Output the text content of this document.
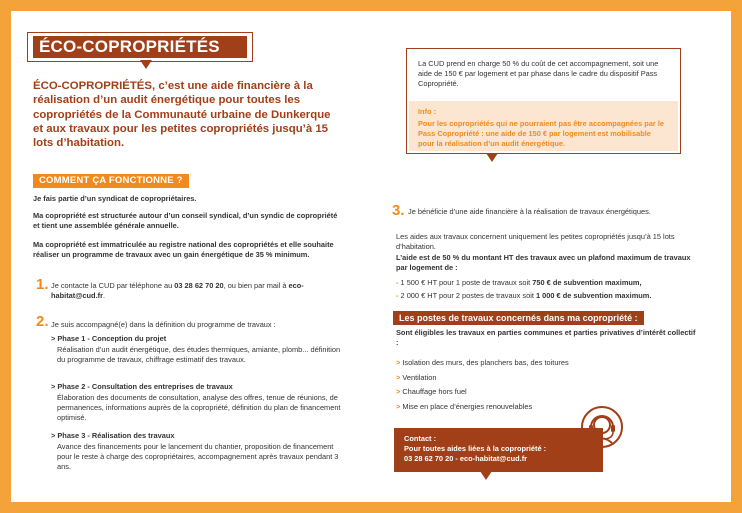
ÉCO-COPROPRIÉTÉS

ÉCO-COPROPRIÉTÉS, c’est une aide financière à la réalisation d’un audit énergétique pour toutes les copropriétés de la Communauté urbaine de Dunkerque et aux travaux pour les petites copropriétés jusqu’à 15 lots d’habitation.

COMMENT ÇA FONCTIONNE ?

Je fais partie d’un syndicat de copropriétaires.

Ma copropriété est structurée autour d’un conseil syndical, d’un syndic de copropriété et tient une assemblée générale annuelle.

Ma copropriété est immatriculée au registre national des copropriétés et elle souhaite réaliser un programme de travaux avec un gain énergétique de 35 % minimum.

1. Je contacte la CUD par téléphone au 03 28 62 70 20, ou bien par mail à eco-habitat@cud.fr.

2. Je suis accompagné(e) dans la définition du programme de travaux :

> Phase 1 - Conception du projet

Réalisation d’un audit énergétique, des études thermiques, amiante, plomb... définition du programme de travaux, chiffrage estimatif des travaux.

> Phase 2 - Consultation des entreprises de travaux

Élaboration des documents de consultation, analyse des offres, tenue de réunions, de permanences, informations auprès de la copropriété, définition du plan de financement optimisé.

> Phase 3 - Réalisation des travaux

Avance des financements pour le lancement du chantier, proposition de financement pour le reste à charge des copropriétaires, accompagnement après travaux pendant 3 ans.

La CUD prend en charge 50 % du coût de cet accompagnement, soit une aide de 150 € par logement et par phase dans le cadre du dispositif Pass Copropriété.

Info :

Pour les copropriétés qui ne pourraient pas être accompagnées par le Pass Copropriété : une aide de 150 € par logement est mobilisable pour la réalisation d’un audit énergétique.

3. Je bénéficie d’une aide financière à la réalisation de travaux énergétiques.

Les aides aux travaux concernent uniquement les petites copropriétés jusqu’à 15 lots d’habitation.

L’aide est de 50 % du montant HT des travaux avec un plafond maximum de travaux par logement de :

- 1 500 € HT pour 1 poste de travaux soit 750 € de subvention maximum,

- 2 000 € HT pour 2 postes de travaux soit 1 000 € de subvention maximum.

Les postes de travaux concernés dans ma copropriété :

Sont éligibles les travaux en parties communes et parties privatives d’intérêt collectif :

> Isolation des murs, des planchers bas, des toitures
> Ventilation
> Chauffage hors fuel
> Mise en place d’énergies renouvelables

Contact :
Pour toutes aides liées à la copropriété :
03 28 62 70 20 - eco-habitat@cud.fr
